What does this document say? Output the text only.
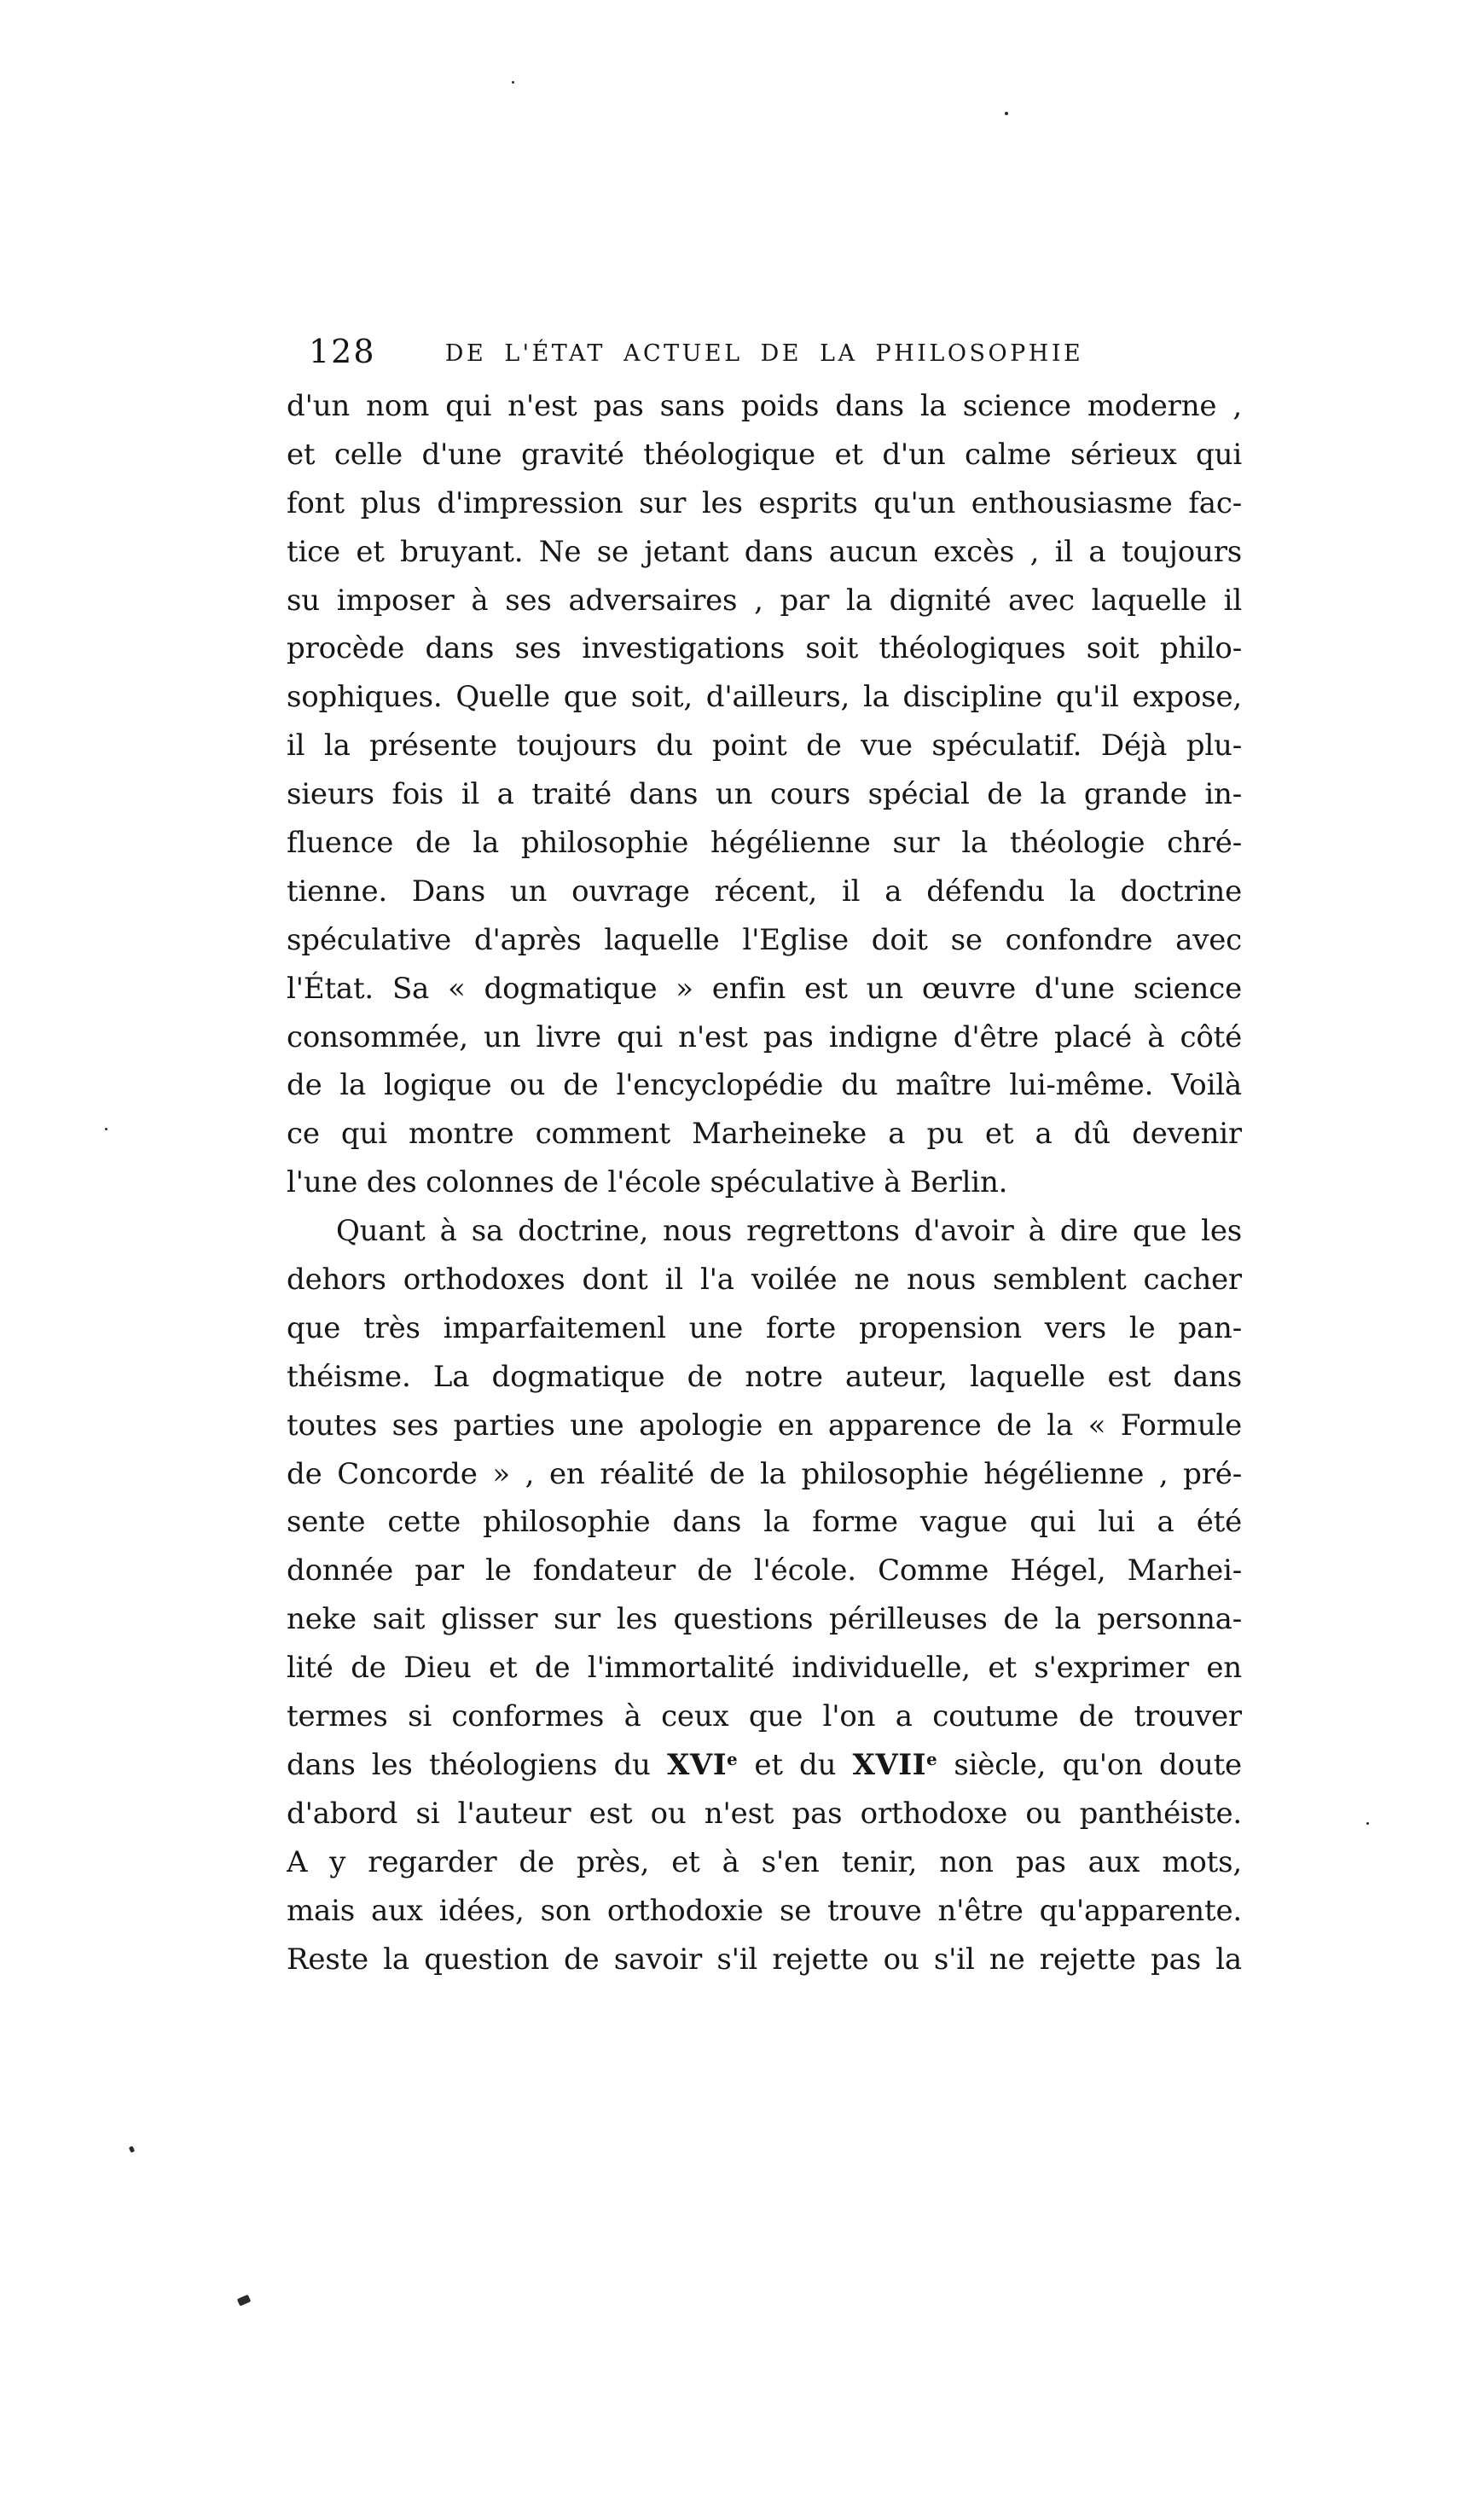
128	DE L'ÉTAT ACTUEL DE LA PHILOSOPHIE
d'un nom qui n'est pas sans poids dans la science moderne ,
et celle d'une gravité théologique et d'un calme sérieux qui
font plus d'impression sur les esprits qu'un enthousiasme fac-
tice et bruyant. Ne se jetant dans aucun excès , il a toujours
su imposer à ses adversaires , par la dignité avec laquelle il
procède dans ses investigations soit théologiques soit philo-
sophiques. Quelle que soit, d'ailleurs, la discipline qu'il expose,
il la présente toujours du point de vue spéculatif. Déjà plu-
sieurs fois il a traité dans un cours spécial de la grande in-
fluence de la philosophie hégélienne sur la théologie chré-
tienne. Dans un ouvrage récent, il a défendu la doctrine
spéculative d'après laquelle l'Eglise doit se confondre avec
l'État. Sa « dogmatique » enfin est un œuvre d'une science
consommée, un livre qui n'est pas indigne d'être placé à côté
de la logique ou de l'encyclopédie du maître lui-même. Voilà
ce qui montre comment Marheineke a pu et a dû devenir
l'une des colonnes de l'école spéculative à Berlin.
Quant à sa doctrine, nous regrettons d'avoir à dire que les
dehors orthodoxes dont il l'a voilée ne nous semblent cacher
que très imparfaitemenl une forte propension vers le pan-
théisme. La dogmatique de notre auteur, laquelle est dans
toutes ses parties une apologie en apparence de la « Formule
de Concorde » , en réalité de la philosophie hégélienne , pré-
sente cette philosophie dans la forme vague qui lui a été
donnée par le fondateur de l'école. Comme Hégel, Marhei-
neke sait glisser sur les questions périlleuses de la personna-
lité de Dieu et de l'immortalité individuelle, et s'exprimer en
termes si conformes à ceux que l'on a coutume de trouver
dans les théologiens du XVIe et du XVIIe siècle, qu'on doute
d'abord si l'auteur est ou n'est pas orthodoxe ou panthéiste.
A y regarder de près, et à s'en tenir, non pas aux mots,
mais aux idées, son orthodoxie se trouve n'être qu'apparente.
Reste la question de savoir s'il rejette ou s'il ne rejette pas la
